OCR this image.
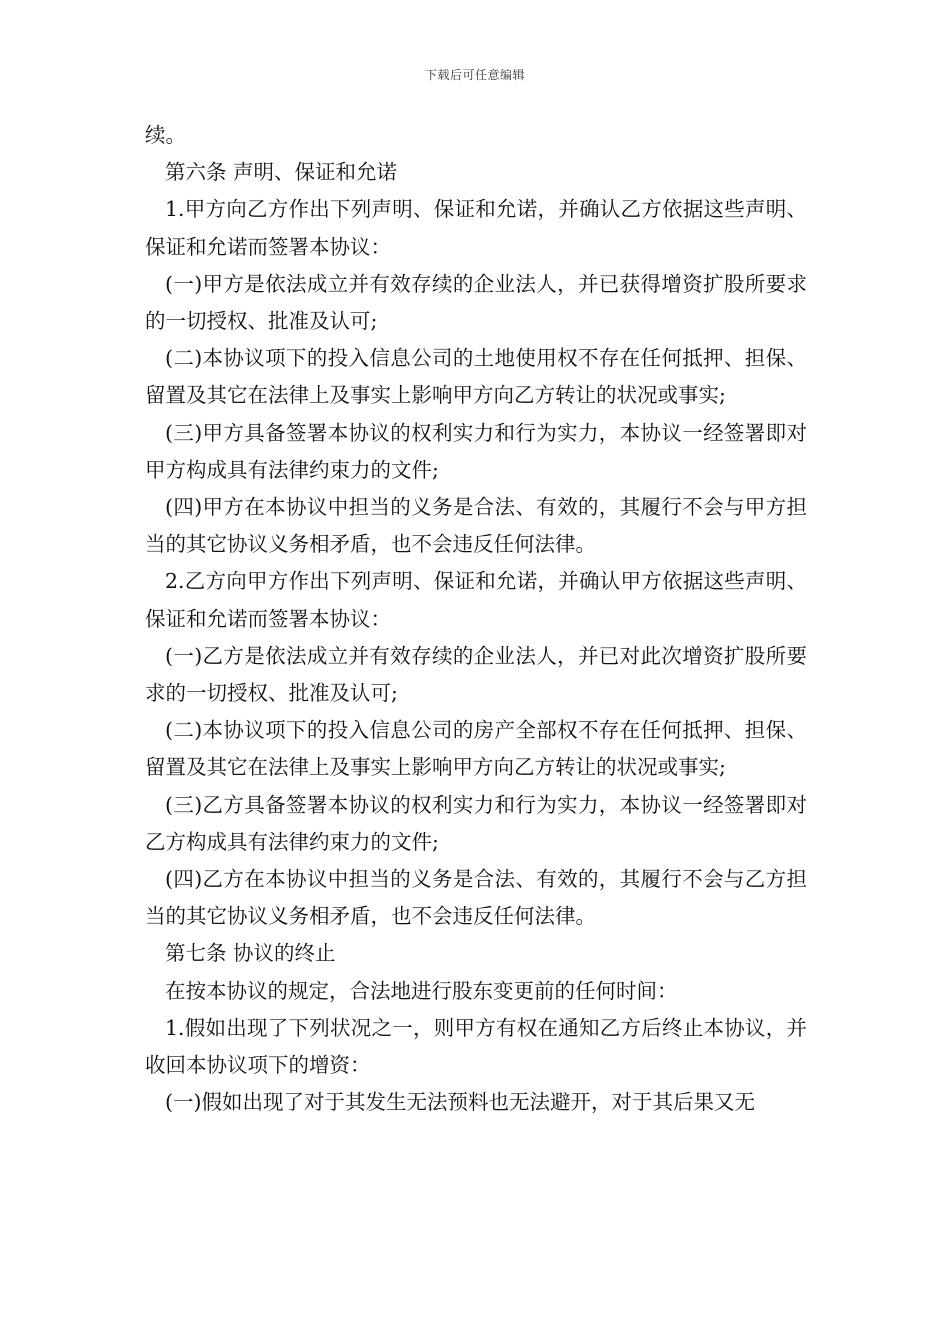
下载后可任意编辑

续。

第六条 声明、保证和允诺

1.甲方向乙方作出下列声明、保证和允诺，并确认乙方依据这些声明、保证和允诺而签署本协议：

(一)甲方是依法成立并有效存续的企业法人，并已获得增资扩股所要求的一切授权、批准及认可;

(二)本协议项下的投入信息公司的土地使用权不存在任何抵押、担保、留置及其它在法律上及事实上影响甲方向乙方转让的状况或事实;

(三)甲方具备签署本协议的权利实力和行为实力，本协议一经签署即对甲方构成具有法律约束力的文件;

(四)甲方在本协议中担当的义务是合法、有效的，其履行不会与甲方担当的其它协议义务相矛盾，也不会违反任何法律。

2.乙方向甲方作出下列声明、保证和允诺，并确认甲方依据这些声明、保证和允诺而签署本协议：

(一)乙方是依法成立并有效存续的企业法人，并已对此次增资扩股所要求的一切授权、批准及认可;

(二)本协议项下的投入信息公司的房产全部权不存在任何抵押、担保、留置及其它在法律上及事实上影响甲方向乙方转让的状况或事实;

(三)乙方具备签署本协议的权利实力和行为实力，本协议一经签署即对乙方构成具有法律约束力的文件;

(四)乙方在本协议中担当的义务是合法、有效的，其履行不会与乙方担当的其它协议义务相矛盾，也不会违反任何法律。

第七条 协议的终止

在按本协议的规定，合法地进行股东变更前的任何时间：

1.假如出现了下列状况之一，则甲方有权在通知乙方后终止本协议，并收回本协议项下的增资：

(一)假如出现了对于其发生无法预料也无法避开，对于其后果又无
